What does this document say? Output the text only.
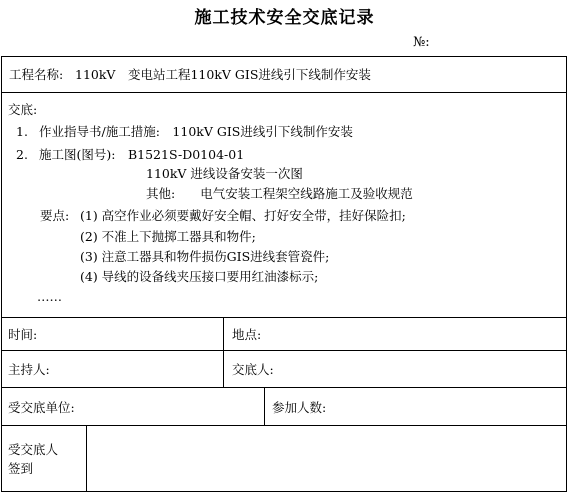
施工技术安全交底记录
№:
工程名称: 110kV　变电站工程110kV GIS进线引下线制作安装
交底:
1. 作业指导书/施工措施:　110kV GIS进线引下线制作安装
2. 施工图(图号):　B1521S-D0104-01
110kV 进线设备安装一次图
其他:　　电气安装工程架空线路施工及验收规范
要点: (1) 高空作业必须要戴好安全帽、打好安全带，挂好保险扣;
(2) 不准上下抛掷工器具和物件;
(3) 注意工器具和物件损伤GIS进线套管瓷件;
(4) 导线的设备线夹压接口要用红油漆标示;
……
时间:	地点:
主持人:	交底人:
受交底单位:	参加人数:
受交底人
签到
